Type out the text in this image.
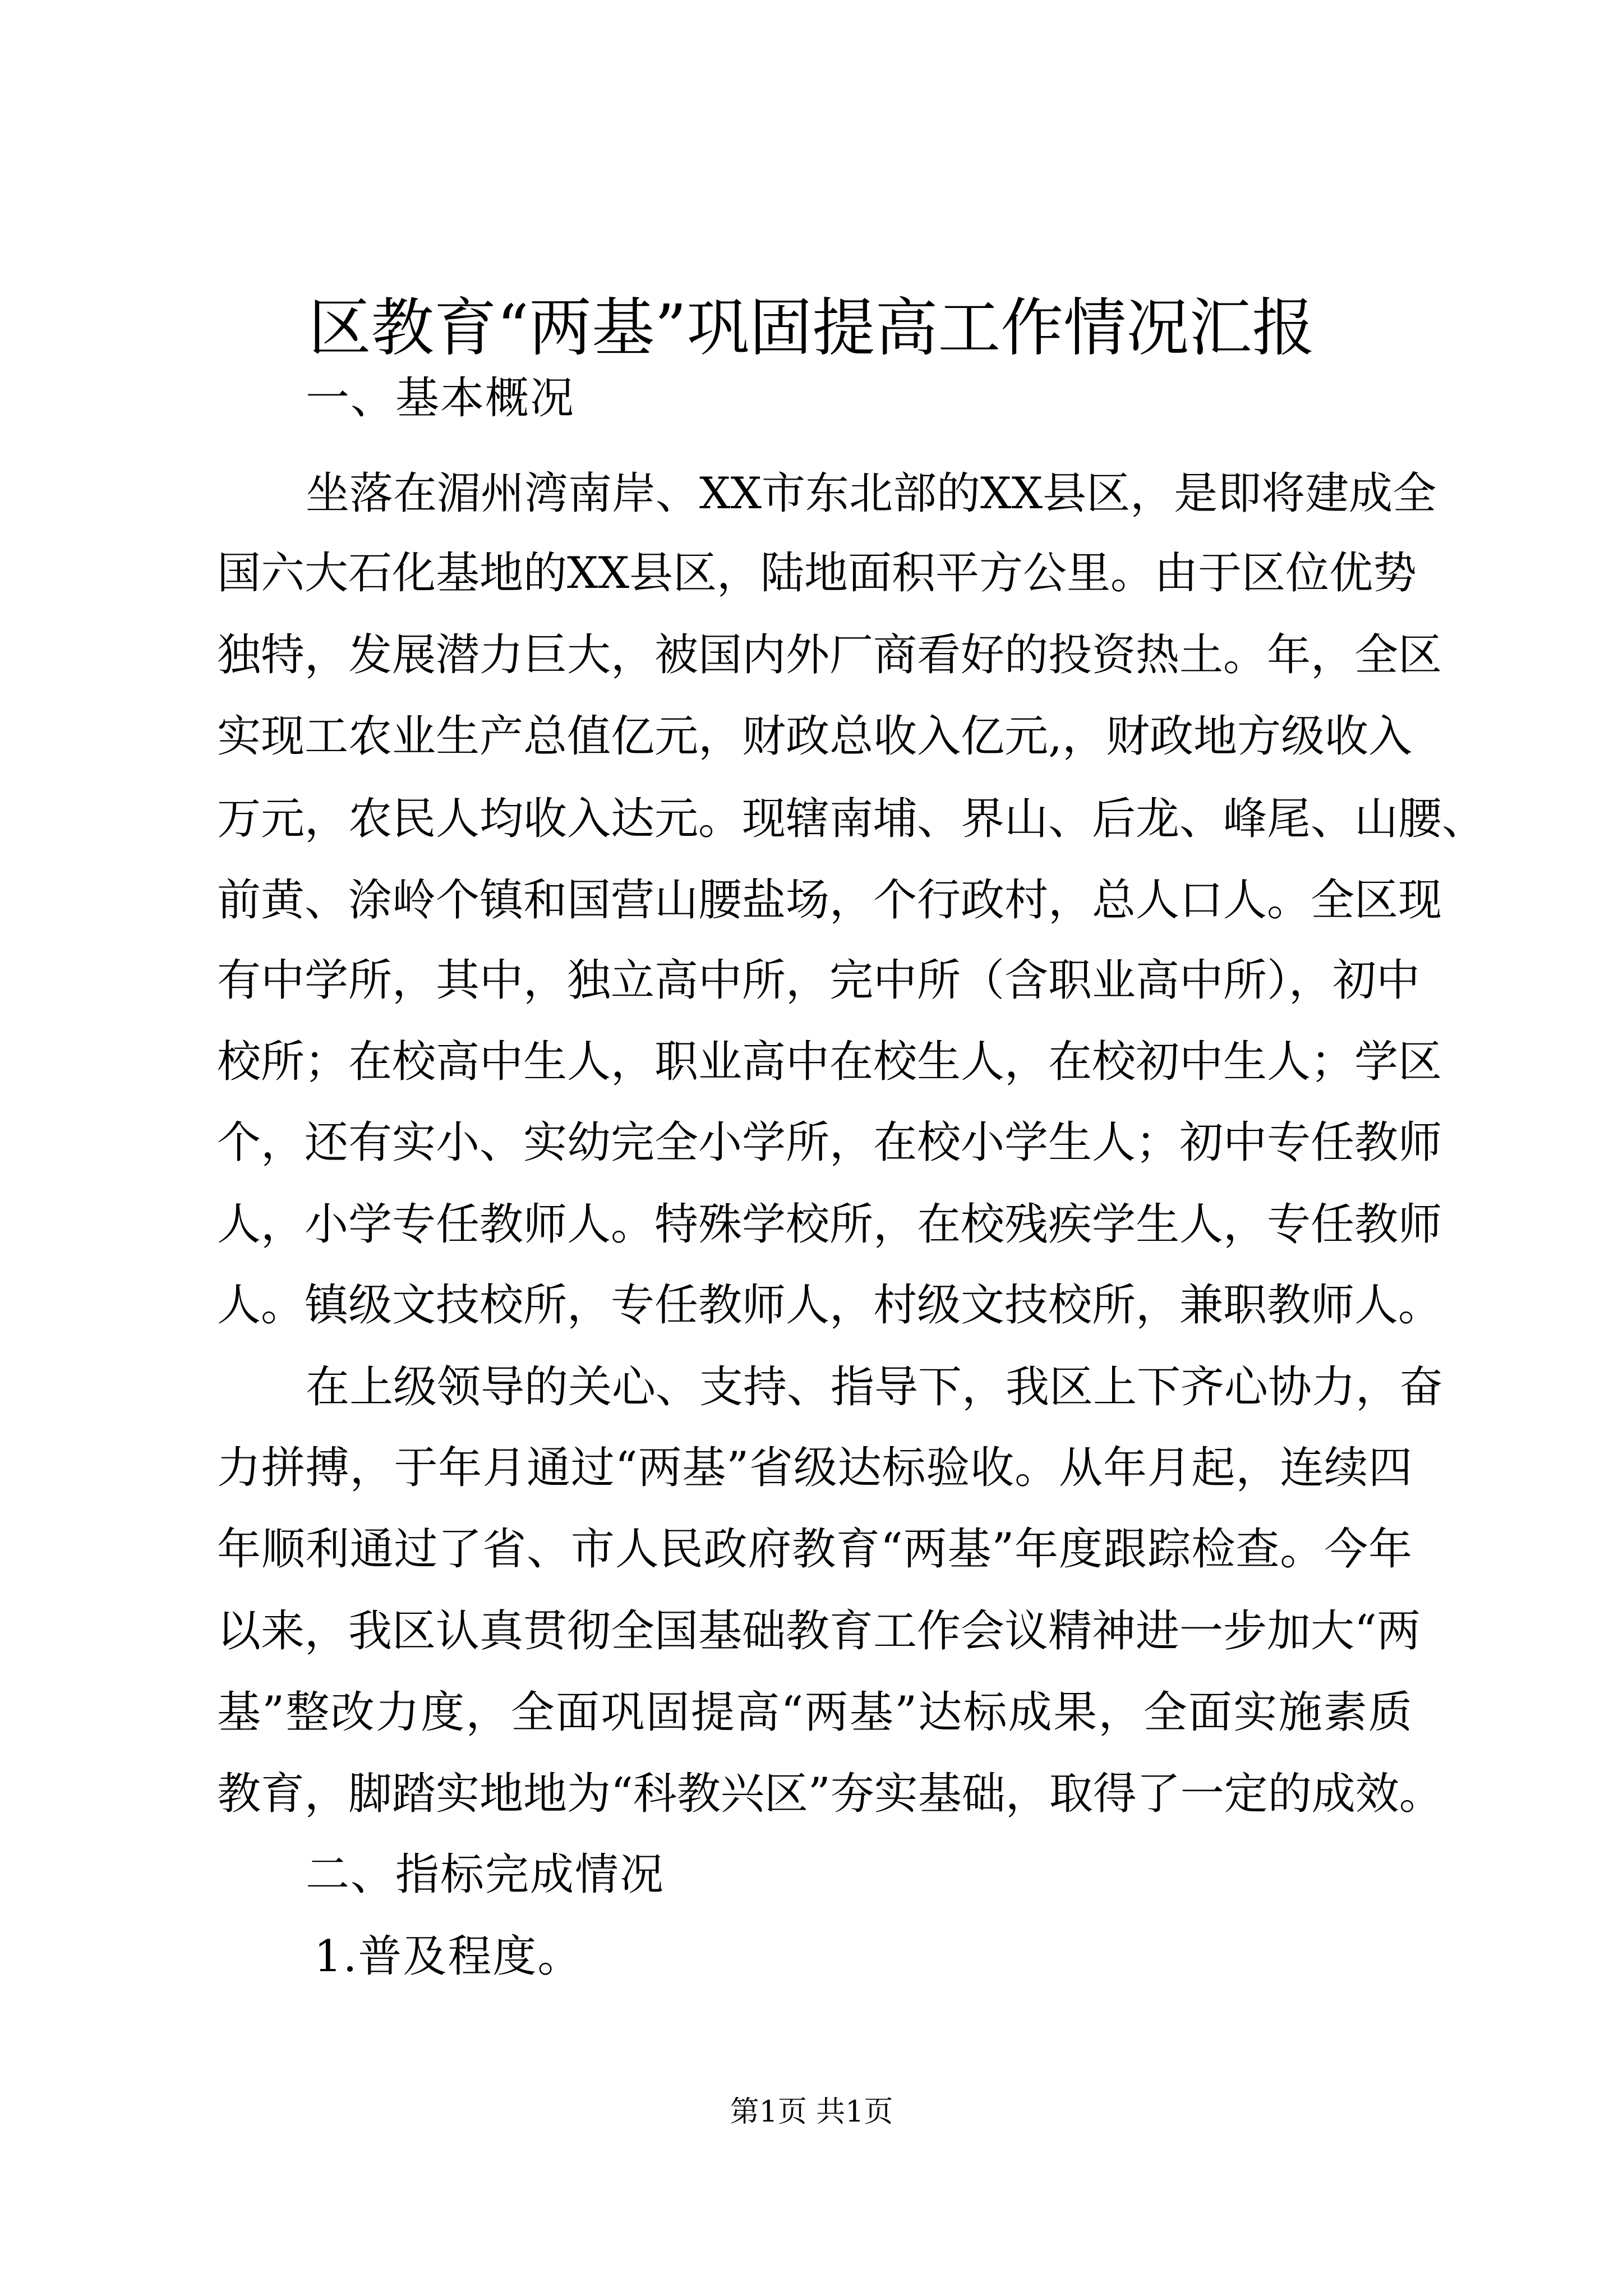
区教育“两基”巩固提高工作情况汇报
一、基本概况
坐落在湄州湾南岸、XX市东北部的XX县区，是即将建成全
国六大石化基地的XX县区，陆地面积平方公里。由于区位优势
独特，发展潜力巨大，被国内外厂商看好的投资热土。年，全区
实现工农业生产总值亿元，财政总收入亿元,，财政地方级收入
万元，农民人均收入达元。现辖南埔、界山、后龙、峰尾、山腰、
前黄、涂岭个镇和国营山腰盐场，个行政村，总人口人。全区现
有中学所，其中，独立高中所，完中所（含职业高中所），初中
校所；在校高中生人，职业高中在校生人，在校初中生人；学区
个，还有实小、实幼完全小学所，在校小学生人；初中专任教师
人，小学专任教师人。特殊学校所，在校残疾学生人，专任教师
人。镇级文技校所，专任教师人，村级文技校所，兼职教师人。
在上级领导的关心、支持、指导下，我区上下齐心协力，奋
力拼搏，于年月通过“两基”省级达标验收。从年月起，连续四
年顺利通过了省、市人民政府教育“两基”年度跟踪检查。今年
以来，我区认真贯彻全国基础教育工作会议精神进一步加大“两
基”整改力度，全面巩固提高“两基”达标成果，全面实施素质
教育，脚踏实地地为“科教兴区”夯实基础，取得了一定的成效。
二、指标完成情况
1.普及程度。
第1页 共1页
